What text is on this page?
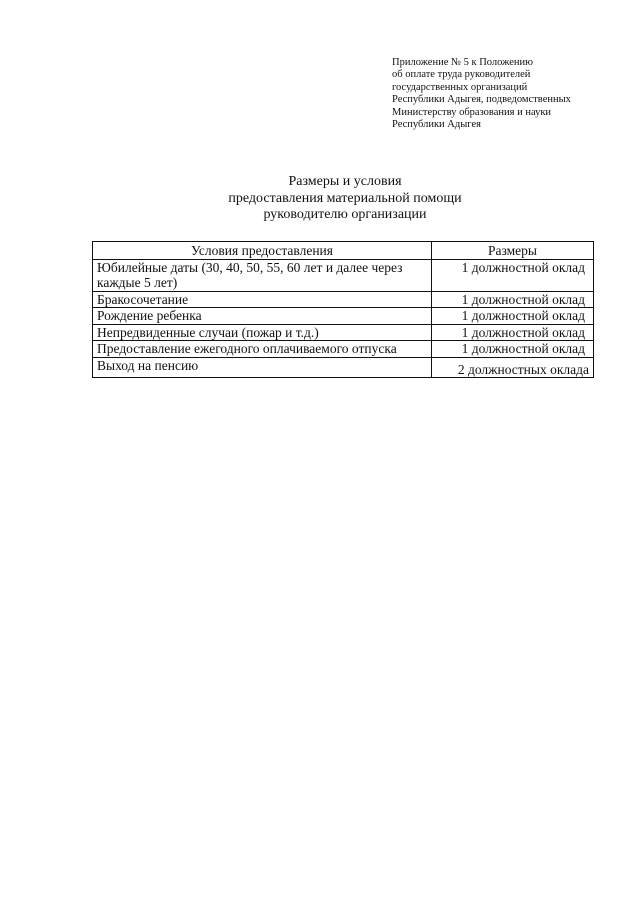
Приложение № 5 к Положению
об оплате труда руководителей
государственных организаций
Республики Адыгея, подведомственных
Министерству образования и науки
Республики Адыгея
Размеры и условия
предоставления материальной помощи
руководителю организации
Условия предоставления	Размеры
Юбилейные даты (30, 40, 50, 55, 60 лет и далее через каждые 5 лет)	1 должностной оклад
Бракосочетание	1 должностной оклад
Рождение ребенка	1 должностной оклад
Непредвиденные случаи (пожар и т.д.)	1 должностной оклад
Предоставление ежегодного оплачиваемого отпуска	1 должностной оклад
Выход на пенсию	2 должностных оклада
